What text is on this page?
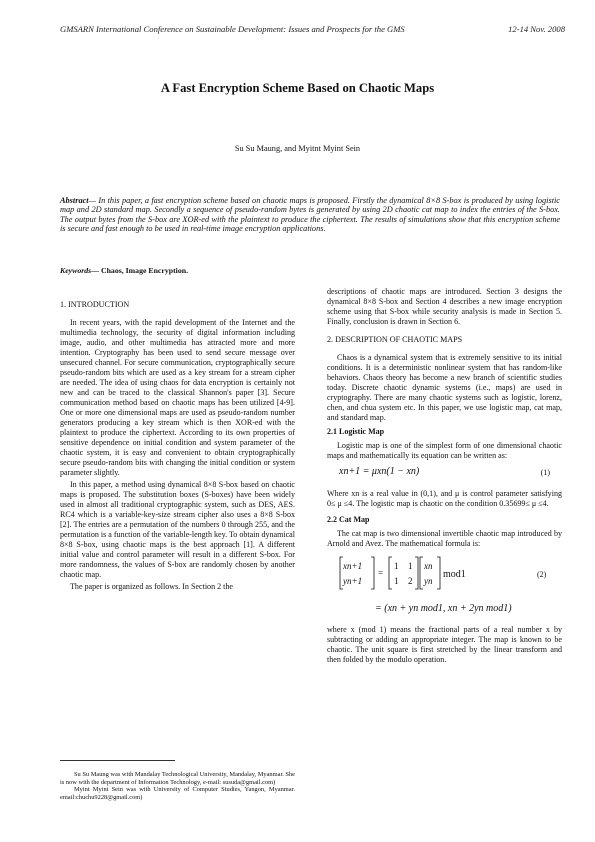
GMSARN International Conference on Sustainable Development: Issues and Prospects for the GMS	12-14 Nov. 2008
A Fast Encryption Scheme Based on Chaotic Maps
Su Su Maung, and Myitnt Myint Sein
Abstract— In this paper, a fast encryption scheme based on chaotic maps is proposed. Firstly the dynamical 8×8 S-box is produced by using logistic map and 2D standard map. Secondly a sequence of pseudo-random bytes is generated by using 2D chaotic cat map to index the entries of the S-box. The output bytes from the S-box are XOR-ed with the plaintext to produce the ciphertext. The results of simulations show that this encryption scheme is secure and fast enough to be used in real-time image encryption applications.
Keywords— Chaos, Image Encryption.
1. INTRODUCTION

In recent years, with the rapid development of the Internet and the multimedia technology, the security of digital information including image, audio, and other multimedia has attracted more and more intention. Cryptography has been used to send secure message over unsecured channel. For secure communication, cryptographically secure pseudo-random bits which are used as a key stream for a stream cipher are needed. The idea of using chaos for data encryption is certainly not new and can be traced to the classical Shannon's paper [3]. Secure communication method based on chaotic maps has been utilized [4-9]. One or more one dimensional maps are used as pseudo-random number generators producing a key stream which is then XOR-ed with the plaintext to produce the ciphertext. According to its own properties of sensitive dependence on initial condition and system parameter of the chaotic system, it is easy and convenient to obtain cryptographically secure pseudo-random bits with changing the initial condition or system parameter slightly.

In this paper, a method using dynamical 8×8 S-box based on chaotic maps is proposed. The substitution boxes (S-boxes) have been widely used in almost all traditional cryptographic system, such as DES, AES. RC4 which is a variable-key-size stream cipher also uses a 8×8 S-box [2]. The entries are a permutation of the numbers 0 through 255, and the permutation is a function of the variable-length key. To obtain dynamical 8×8 S-box, using chaotic maps is the best approach [1]. A different initial value and control parameter will result in a different S-box. For more randomness, the values of S-box are randomly chosen by another chaotic map.

The paper is organized as follows. In Section 2 the

Su Su Maung was with Mandalay Technological University, Mandalay, Myanmar. She is now with the department of Information Technology, e-mail: susuda@gmail.com)

Myint Myint Sein was with University of Computer Studies, Yangon, Myanmar. email:chuchu9228@gmail.com)

descriptions of chaotic maps are introduced. Section 3 designs the dynamical 8×8 S-box and Section 4 describes a new image encryption scheme using that S-box while security analysis is made in Section 5. Finally, conclusion is drawn in Section 6.

2. DESCRIPTION OF CHAOTIC MAPS

Chaos is a dynamical system that is extremely sensitive to its initial conditions. It is a deterministic nonlinear system that has random-like behaviors. Chaos theory has become a new branch of scientific studies today. Discrete chaotic dynamic systems (i.e., maps) are used in cryptography. There are many chaotic systems such as logistic, lorenz, chen, and chua system etc. In this paper, we use logistic map, cat map, and standard map.

2.1 Logistic Map

Logistic map is one of the simplest form of one dimensional chaotic maps and mathematically its equation can be written as:

xn+1 = μxn(1 − xn)	(1)

Where xn is a real value in (0,1), and μ is control parameter satisfying 0≤ μ ≤4. The logistic map is chaotic on the condition 0.35699≤ μ ≤4.

2.2 Cat Map

The cat map is two dimensional invertible chaotic map introduced by Arnold and Avez. The mathematical formula is:

xn+1
yn+1
=
1 1
1 2
xn
yn
mod1	(2)
= (xn + yn mod1, xn + 2yn mod1)

where x (mod 1) means the fractional parts of a real number x by subtracting or adding an appropriate integer. The map is known to be chaotic. The unit square is first stretched by the linear transform and then folded by the modulo operation.
